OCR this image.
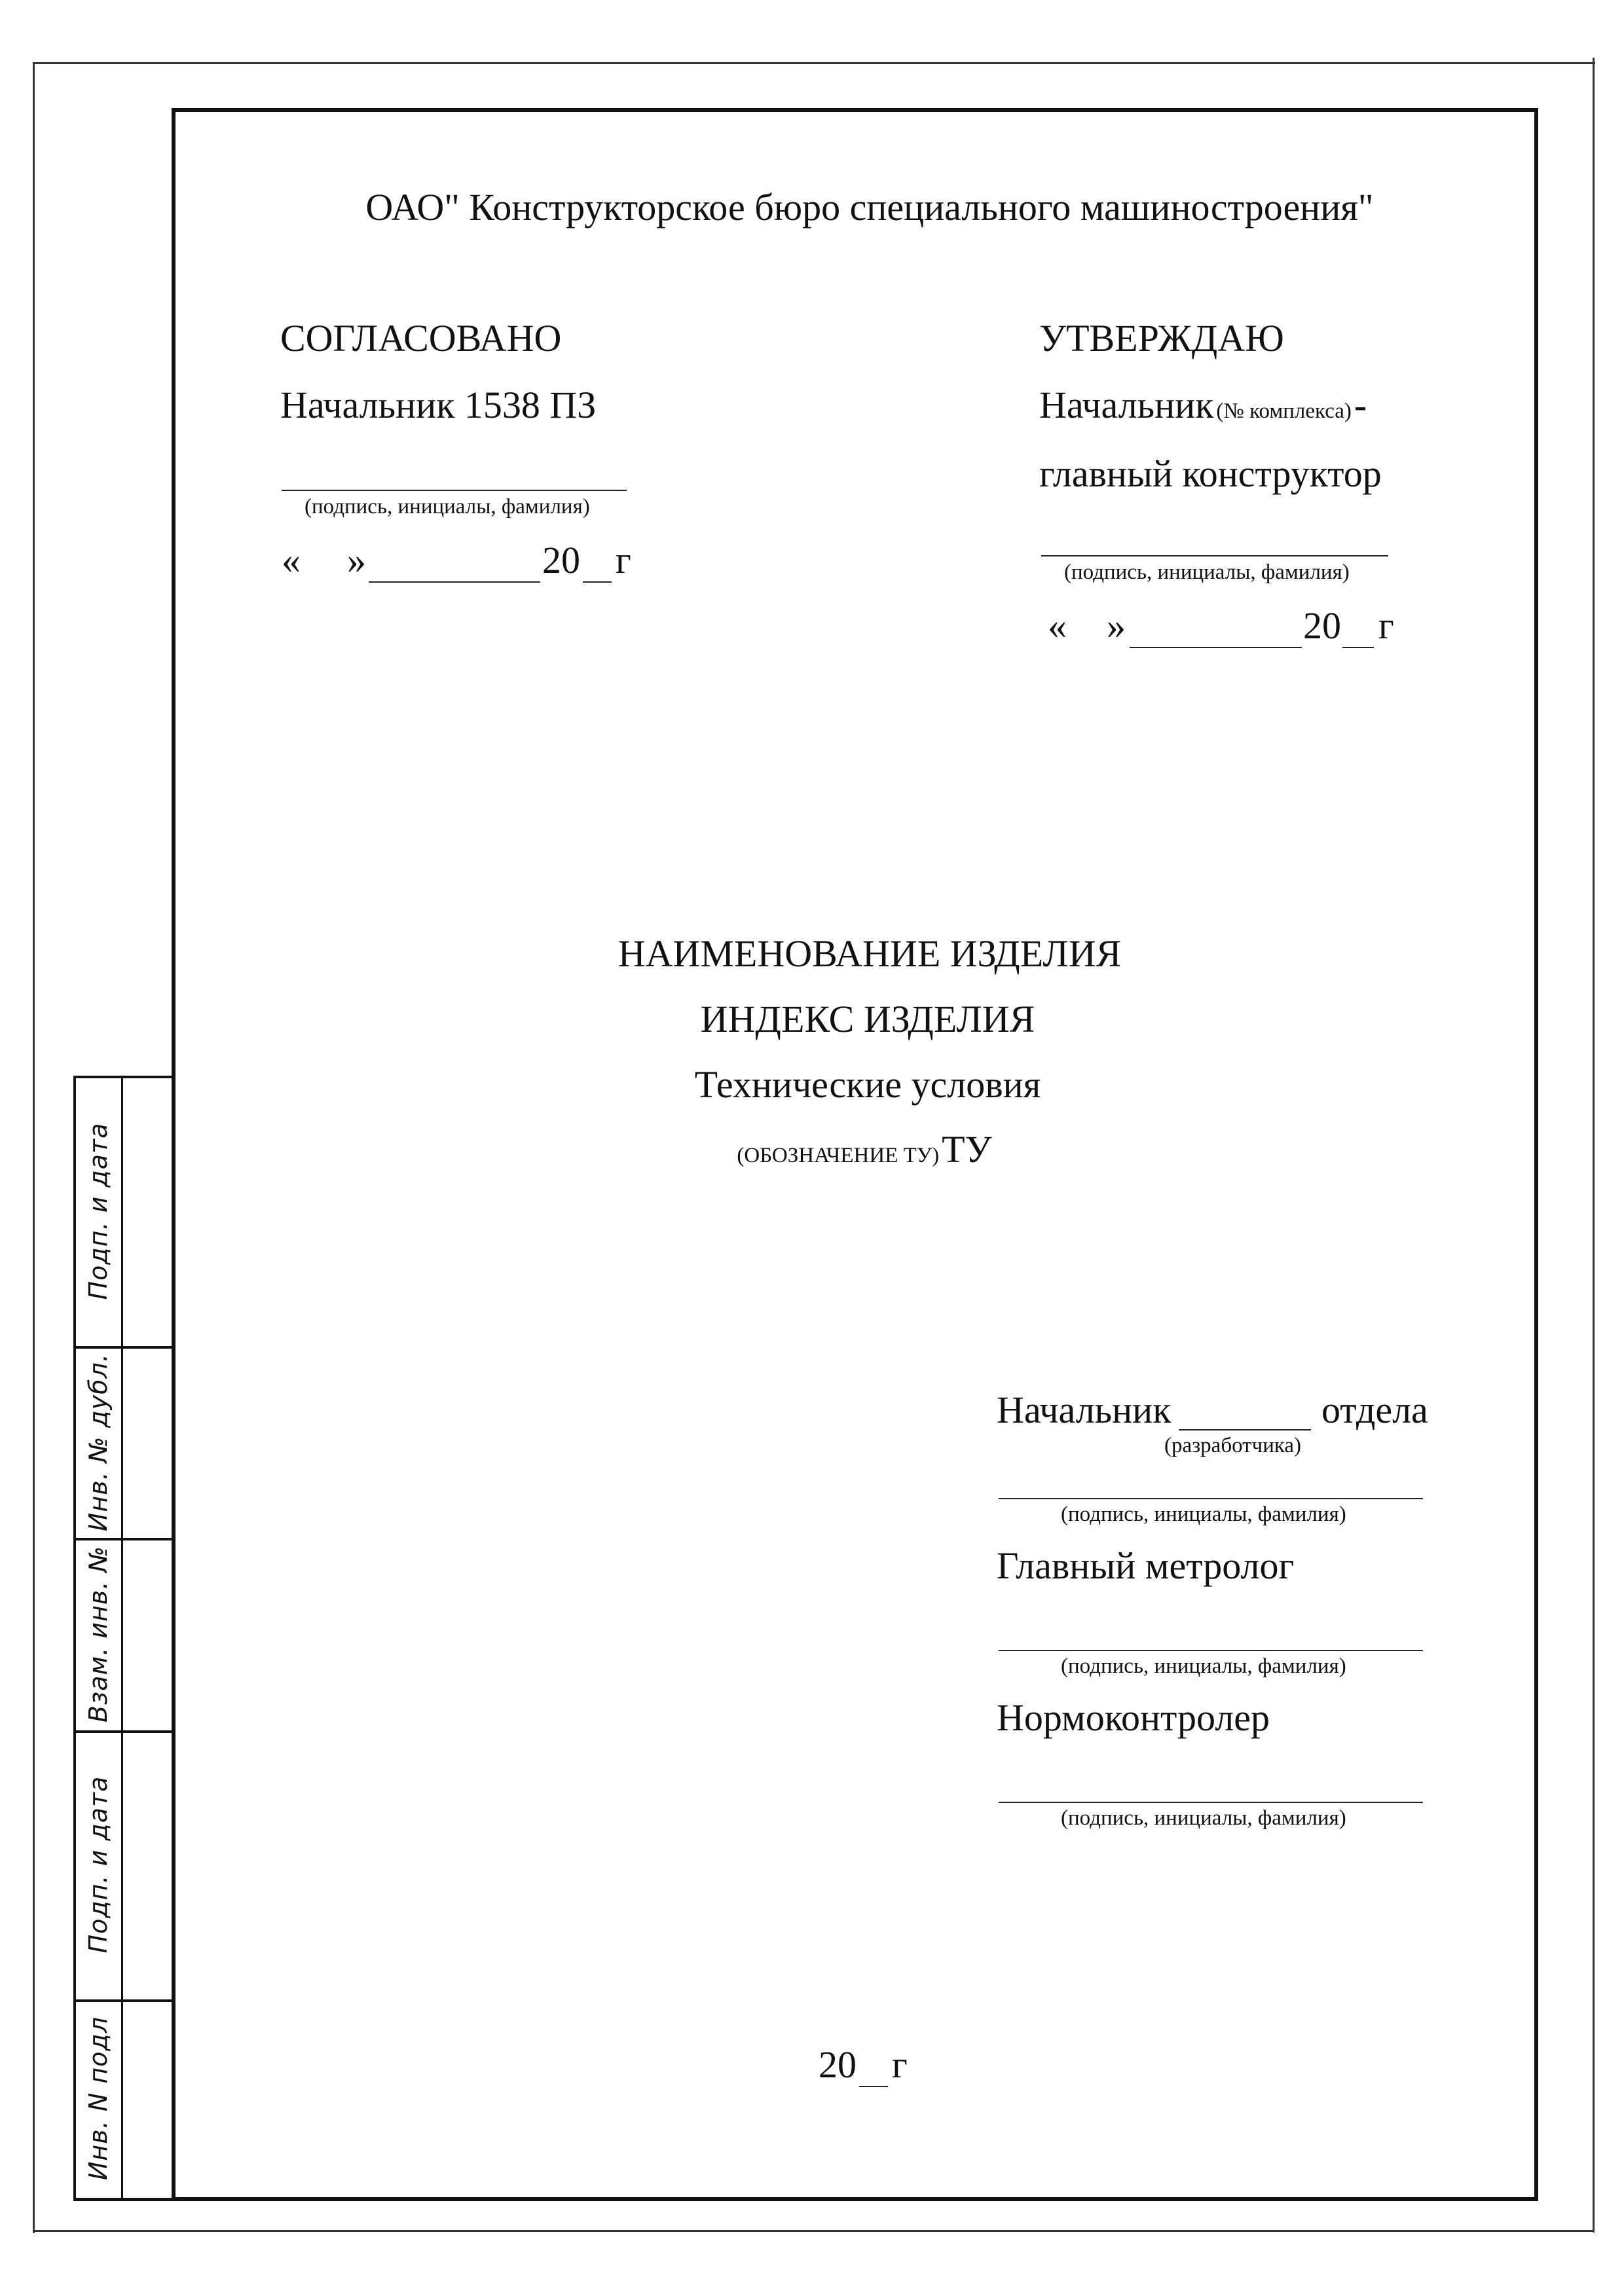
Подп. и дата
Инв. № дубл.
Взам. инв. №
Подп. и дата
Инв. N подл
ОАО" Конструкторское бюро специального машиностроения"
СОГЛАСОВАНО
Начальник 1538 ПЗ
(подпись, инициалы, фамилия)
« »	20 г
УТВЕРЖДАЮ
Начальник (№ комплекса) -
главный конструктор
(подпись, инициалы, фамилия)
« »	20 г
НАИМЕНОВАНИЕ ИЗДЕЛИЯ
ИНДЕКС ИЗДЕЛИЯ
Технические условия
(ОБОЗНАЧЕНИЕ ТУ) ТУ
Начальник	отдела
(разработчика)
(подпись, инициалы, фамилия)
Главный метролог
(подпись, инициалы, фамилия)
Нормоконтролер
(подпись, инициалы, фамилия)
20 г
